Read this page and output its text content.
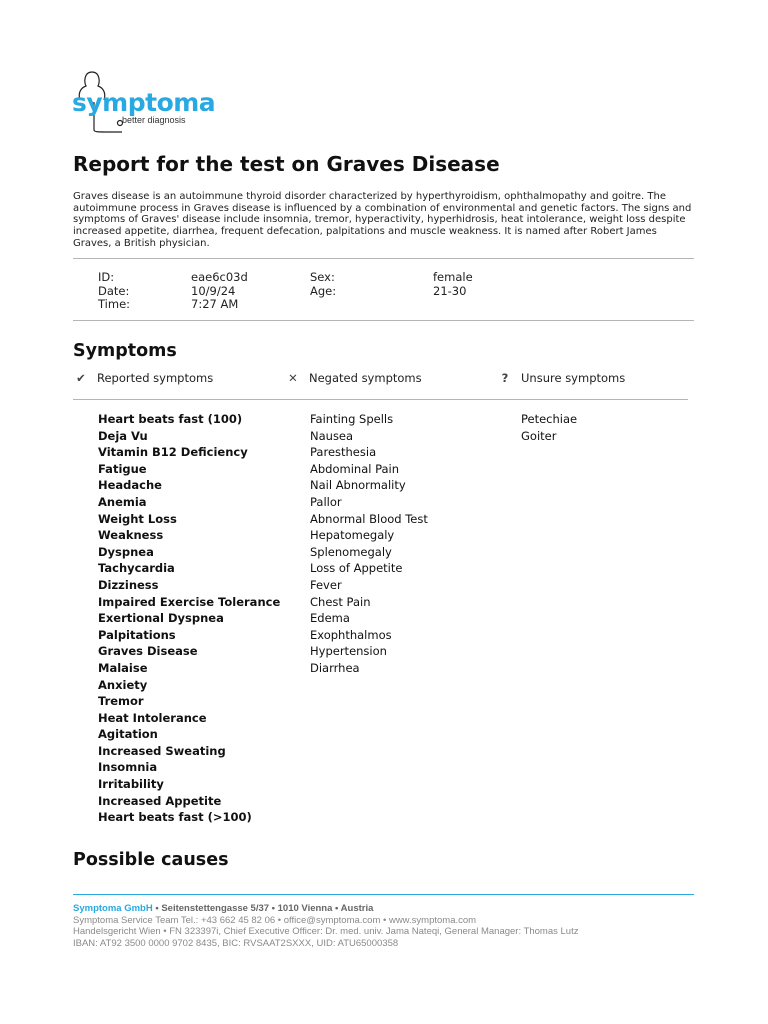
symptoma
better diagnosis
Report for the test on Graves Disease

Graves disease is an autoimmune thyroid disorder characterized by hyperthyroidism, ophthalmopathy and goitre. The autoimmune process in Graves disease is influenced by a combination of environmental and genetic factors. The signs and symptoms of Graves' disease include insomnia, tremor, hyperactivity, hyperhidrosis, heat intolerance, weight loss despite increased appetite, diarrhea, frequent defecation, palpitations and muscle weakness. It is named after Robert James Graves, a British physician.

ID:
Date:
Time:
eae6c03d
10/9/24
7:27 AM
Sex:
Age:
female
21-30
Symptoms
✔ Reported symptoms	✕ Negated symptoms	? Unsure symptoms
Heart beats fast (100)
Deja Vu
Vitamin B12 Deficiency
Fatigue
Headache
Anemia
Weight Loss
Weakness
Dyspnea
Tachycardia
Dizziness
Impaired Exercise Tolerance
Exertional Dyspnea
Palpitations
Graves Disease
Malaise
Anxiety
Tremor
Heat Intolerance
Agitation
Increased Sweating
Insomnia
Irritability
Increased Appetite
Heart beats fast (>100)
Fainting Spells
Nausea
Paresthesia
Abdominal Pain
Nail Abnormality
Pallor
Abnormal Blood Test
Hepatomegaly
Splenomegaly
Loss of Appetite
Fever
Chest Pain
Edema
Exophthalmos
Hypertension
Diarrhea
Petechiae
Goiter
Possible causes
Symptoma GmbH • Seitenstettengasse 5/37 • 1010 Vienna • Austria
Symptoma Service Team Tel.: +43 662 45 82 06 • office@symptoma.com • www.symptoma.com
Handelsgericht Wien • FN 323397i, Chief Executive Officer: Dr. med. univ. Jama Nateqi, General Manager: Thomas Lutz
IBAN: AT92 3500 0000 9702 8435, BIC: RVSAAT2SXXX, UID: ATU65000358
